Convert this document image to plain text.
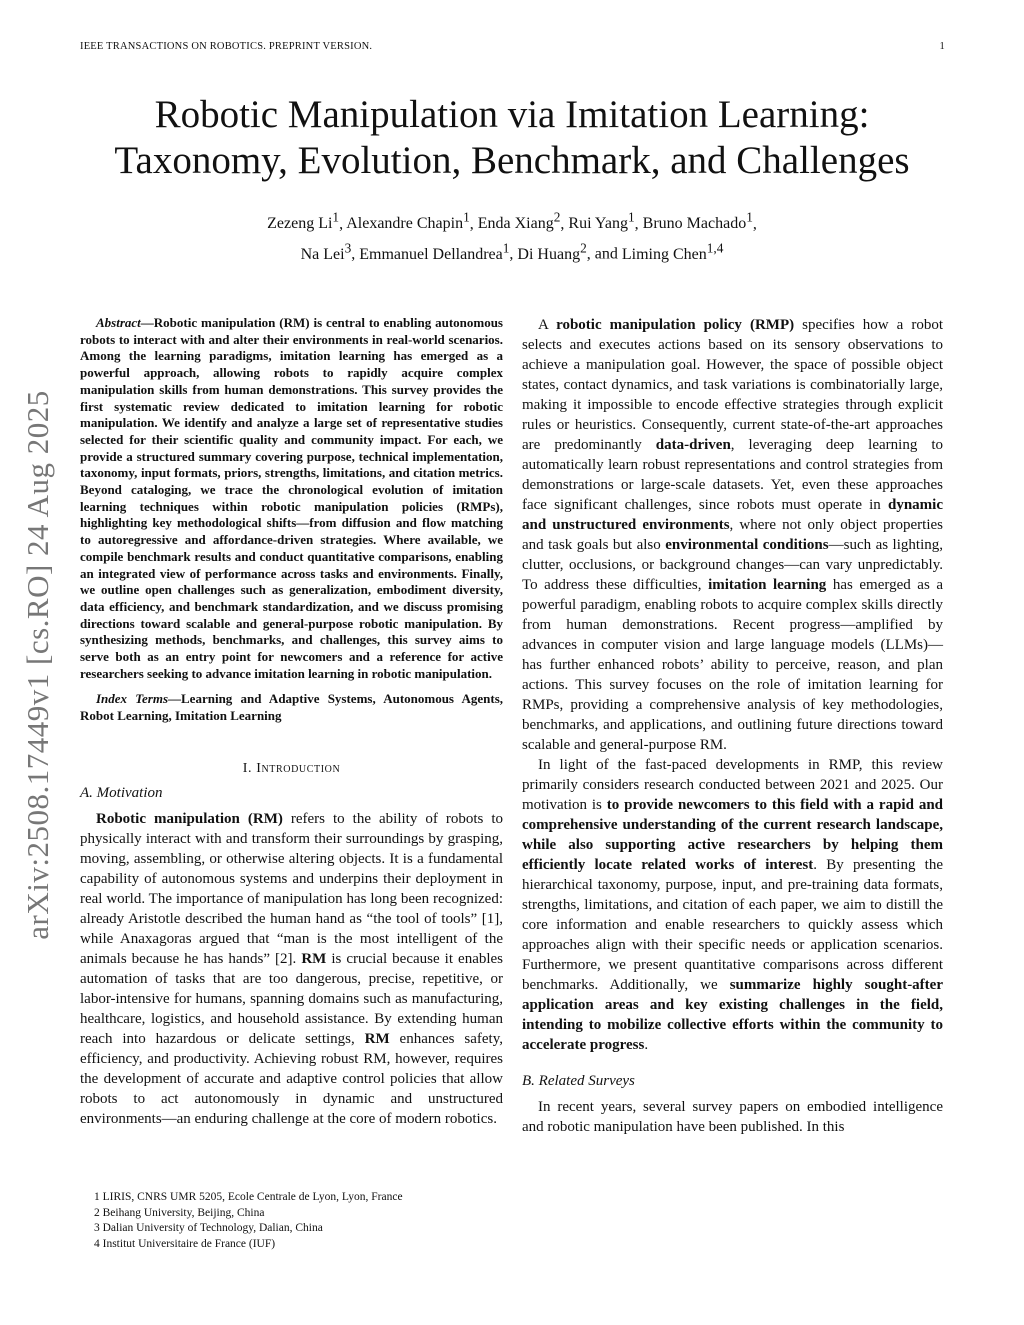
IEEE TRANSACTIONS ON ROBOTICS. PREPRINT VERSION.	1
arXiv:2508.17449v1 [cs.RO] 24 Aug 2025
Robotic Manipulation via Imitation Learning:
Taxonomy, Evolution, Benchmark, and Challenges
Zezeng Li$^1$, Alexandre Chapin$^1$, Enda Xiang$^2$, Rui Yang$^1$, Bruno Machado$^1$,
Na Lei$^3$, Emmanuel Dellandrea$^1$, Di Huang$^2$, and Liming Chen$^{1,4}$

Abstract—Robotic manipulation (RM) is central to enabling autonomous robots to interact with and alter their environments in real-world scenarios. Among the learning paradigms, imitation learning has emerged as a powerful approach, allowing robots to rapidly acquire complex manipulation skills from human demonstrations. This survey provides the first systematic review dedicated to imitation learning for robotic manipulation. We identify and analyze a large set of representative studies selected for their scientific quality and community impact. For each, we provide a structured summary covering purpose, technical implementation, taxonomy, input formats, priors, strengths, limitations, and citation metrics. Beyond cataloging, we trace the chronological evolution of imitation learning techniques within robotic manipulation policies (RMPs), highlighting key methodological shifts—from diffusion and flow matching to autoregressive and affordance-driven strategies. Where available, we compile benchmark results and conduct quantitative comparisons, enabling an integrated view of performance across tasks and environments. Finally, we outline open challenges such as generalization, embodiment diversity, data efficiency, and benchmark standardization, and we discuss promising directions toward scalable and general-purpose robotic manipulation. By synthesizing methods, benchmarks, and challenges, this survey aims to serve both as an entry point for newcomers and a reference for active researchers seeking to advance imitation learning in robotic manipulation.

Index Terms—Learning and Adaptive Systems, Autonomous Agents, Robot Learning, Imitation Learning

I. Introduction

A. Motivation

Robotic manipulation (RM) refers to the ability of robots to physically interact with and transform their surroundings by grasping, moving, assembling, or otherwise altering objects. It is a fundamental capability of autonomous systems and underpins their deployment in real world. The importance of manipulation has long been recognized: already Aristotle described the human hand as “the tool of tools” [1], while Anaxagoras argued that “man is the most intelligent of the animals because he has hands” [2]. RM is crucial because it enables automation of tasks that are too dangerous, precise, repetitive, or labor-intensive for humans, spanning domains such as manufacturing, healthcare, logistics, and household assistance. By extending human reach into hazardous or delicate settings, RM enhances safety, efficiency, and productivity. Achieving robust RM, however, requires the development of accurate and adaptive control policies that allow robots to act autonomously in dynamic and unstructured environments—an enduring challenge at the core of modern robotics.

A robotic manipulation policy (RMP) specifies how a robot selects and executes actions based on its sensory observations to achieve a manipulation goal. However, the space of possible object states, contact dynamics, and task variations is combinatorially large, making it impossible to encode effective strategies through explicit rules or heuristics. Consequently, current state-of-the-art approaches are predominantly data-driven, leveraging deep learning to automatically learn robust representations and control strategies from demonstrations or large-scale datasets. Yet, even these approaches face significant challenges, since robots must operate in dynamic and unstructured environments, where not only object properties and task goals but also environmental conditions—such as lighting, clutter, occlusions, or background changes—can vary unpredictably. To address these difficulties, imitation learning has emerged as a powerful paradigm, enabling robots to acquire complex skills directly from human demonstrations. Recent progress—amplified by advances in computer vision and large language models (LLMs)—has further enhanced robots’ ability to perceive, reason, and plan actions. This survey focuses on the role of imitation learning for RMPs, providing a comprehensive analysis of key methodologies, benchmarks, and applications, and outlining future directions toward scalable and general-purpose RM.

In light of the fast-paced developments in RMP, this review primarily considers research conducted between 2021 and 2025. Our motivation is to provide newcomers to this field with a rapid and comprehensive understanding of the current research landscape, while also supporting active researchers by helping them efficiently locate related works of interest. By presenting the hierarchical taxonomy, purpose, input, and pre-training data formats, strengths, limitations, and citation of each paper, we aim to distill the core information and enable researchers to quickly assess which approaches align with their specific needs or application scenarios. Furthermore, we present quantitative comparisons across different benchmarks. Additionally, we summarize highly sought-after application areas and key existing challenges in the field, intending to mobilize collective efforts within the community to accelerate progress.

B. Related Surveys

In recent years, several survey papers on embodied intelligence and robotic manipulation have been published. In this

1 LIRIS, CNRS UMR 5205, Ecole Centrale de Lyon, Lyon, France
2 Beihang University, Beijing, China
3 Dalian University of Technology, Dalian, China
4 Institut Universitaire de France (IUF)
